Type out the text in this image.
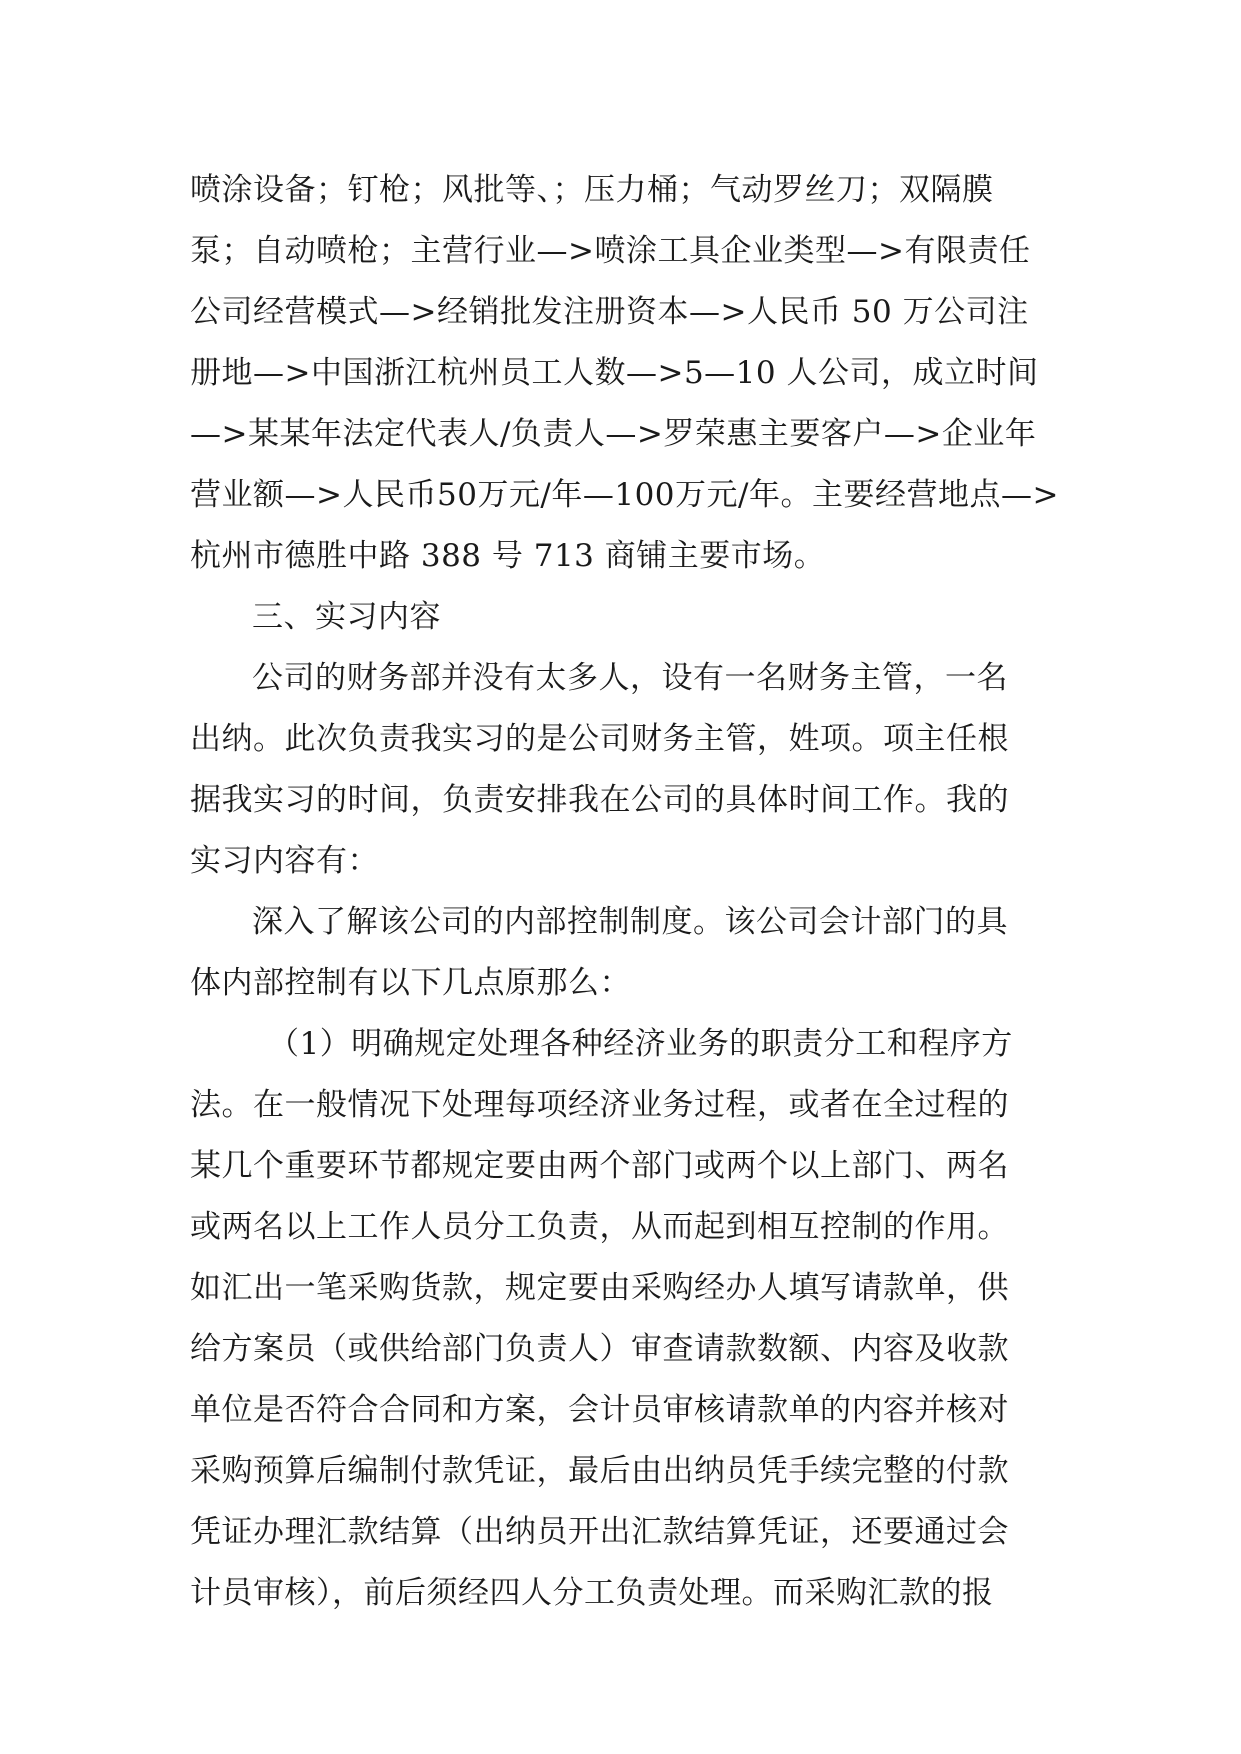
喷涂设备；钉枪；风批等、；压力桶；气动罗丝刀；双隔膜
泵；自动喷枪；主营行业—>喷涂工具企业类型—>有限责任
公司经营模式—>经销批发注册资本—>人民币 50 万公司注
册地—>中国浙江杭州员工人数—>5—10 人公司，成立时间
—>某某年法定代表人/负责人—>罗荣惠主要客户—>企业年
营业额—>人民币50万元/年—100万元/年。主要经营地点—>
杭州市德胜中路 388 号 713 商铺主要市场。
三、实习内容
公司的财务部并没有太多人，设有一名财务主管，一名
出纳。此次负责我实习的是公司财务主管，姓项。项主任根
据我实习的时间，负责安排我在公司的具体时间工作。我的
实习内容有：
深入了解该公司的内部控制制度。该公司会计部门的具
体内部控制有以下几点原那么：
（1）明确规定处理各种经济业务的职责分工和程序方
法。在一般情况下处理每项经济业务过程，或者在全过程的
某几个重要环节都规定要由两个部门或两个以上部门、两名
或两名以上工作人员分工负责，从而起到相互控制的作用。
如汇出一笔采购货款，规定要由采购经办人填写请款单，供
给方案员（或供给部门负责人）审查请款数额、内容及收款
单位是否符合合同和方案，会计员审核请款单的内容并核对
采购预算后编制付款凭证，最后由出纳员凭手续完整的付款
凭证办理汇款结算（出纳员开出汇款结算凭证，还要通过会
计员审核），前后须经四人分工负责处理。而采购汇款的报
